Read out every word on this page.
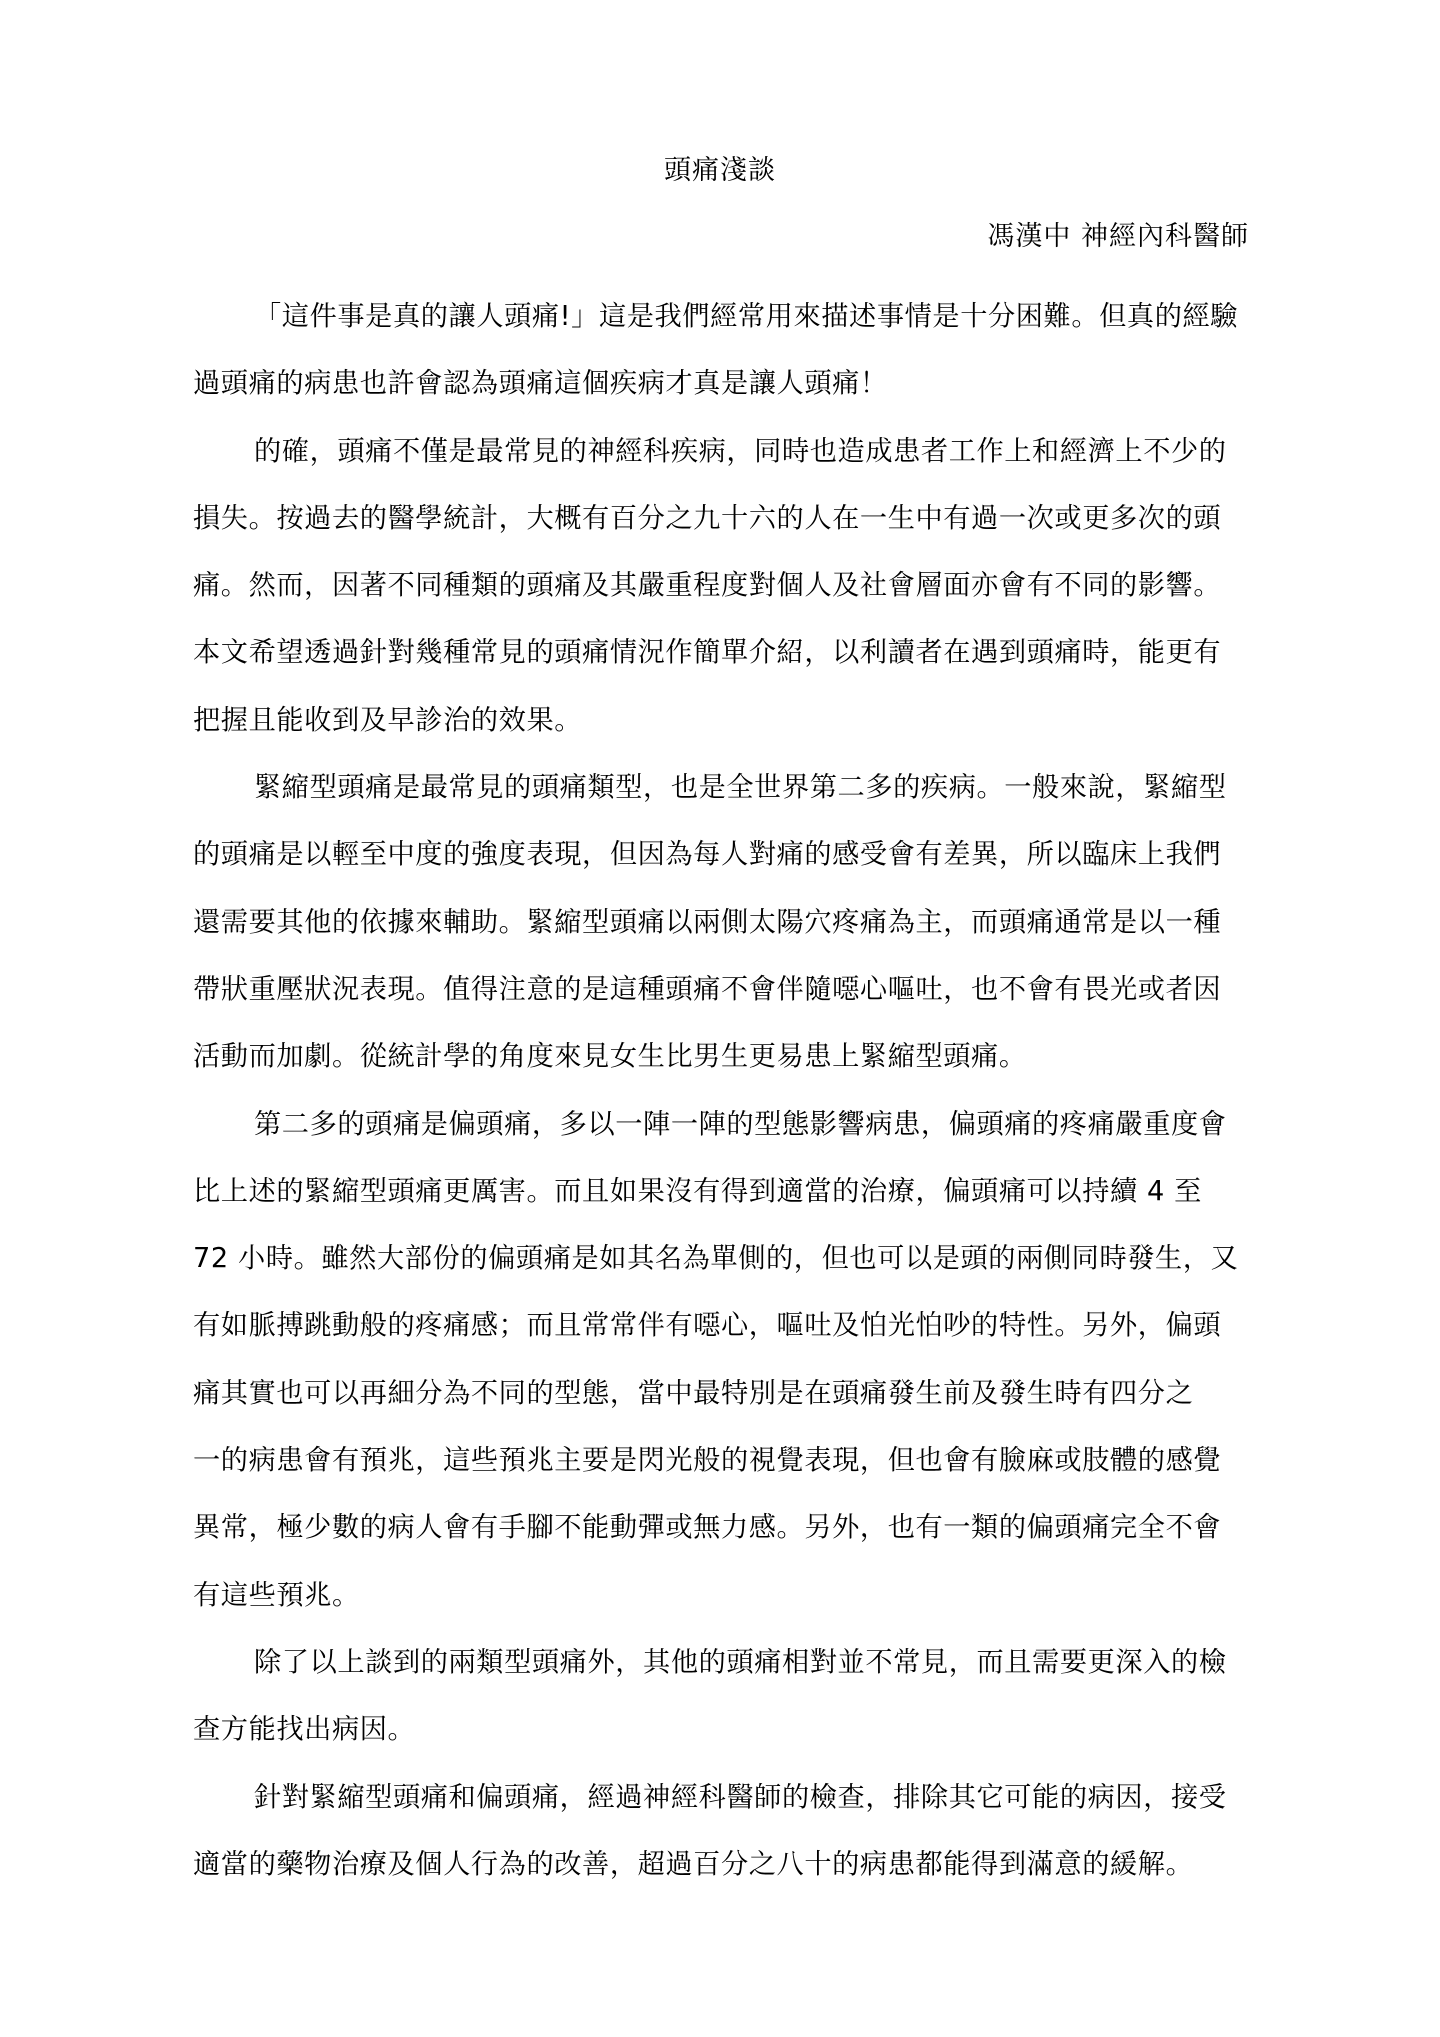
頭痛淺談
馮漢中 神經內科醫師

「這件事是真的讓人頭痛!」這是我們經常用來描述事情是十分困難。但真的經驗
過頭痛的病患也許會認為頭痛這個疾病才真是讓人頭痛！

的確，頭痛不僅是最常見的神經科疾病，同時也造成患者工作上和經濟上不少的
損失。按過去的醫學統計，大概有百分之九十六的人在一生中有過一次或更多次的頭
痛。然而，因著不同種類的頭痛及其嚴重程度對個人及社會層面亦會有不同的影響。
本文希望透過針對幾種常見的頭痛情況作簡單介紹，以利讀者在遇到頭痛時，能更有
把握且能收到及早診治的效果。

緊縮型頭痛是最常見的頭痛類型，也是全世界第二多的疾病。一般來說，緊縮型
的頭痛是以輕至中度的強度表現，但因為每人對痛的感受會有差異，所以臨床上我們
還需要其他的依據來輔助。緊縮型頭痛以兩側太陽穴疼痛為主，而頭痛通常是以一種
帶狀重壓狀況表現。值得注意的是這種頭痛不會伴隨噁心嘔吐，也不會有畏光或者因
活動而加劇。從統計學的角度來見女生比男生更易患上緊縮型頭痛。

第二多的頭痛是偏頭痛，多以一陣一陣的型態影響病患，偏頭痛的疼痛嚴重度會
比上述的緊縮型頭痛更厲害。而且如果沒有得到適當的治療，偏頭痛可以持續 4 至
72 小時。雖然大部份的偏頭痛是如其名為單側的，但也可以是頭的兩側同時發生，又
有如脈搏跳動般的疼痛感；而且常常伴有噁心，嘔吐及怕光怕吵的特性。另外，偏頭
痛其實也可以再細分為不同的型態，當中最特別是在頭痛發生前及發生時有四分之
一的病患會有預兆，這些預兆主要是閃光般的視覺表現，但也會有臉麻或肢體的感覺
異常，極少數的病人會有手腳不能動彈或無力感。另外，也有一類的偏頭痛完全不會
有這些預兆。

除了以上談到的兩類型頭痛外，其他的頭痛相對並不常見，而且需要更深入的檢
查方能找出病因。

針對緊縮型頭痛和偏頭痛，經過神經科醫師的檢查，排除其它可能的病因，接受
適當的藥物治療及個人行為的改善，超過百分之八十的病患都能得到滿意的緩解。
